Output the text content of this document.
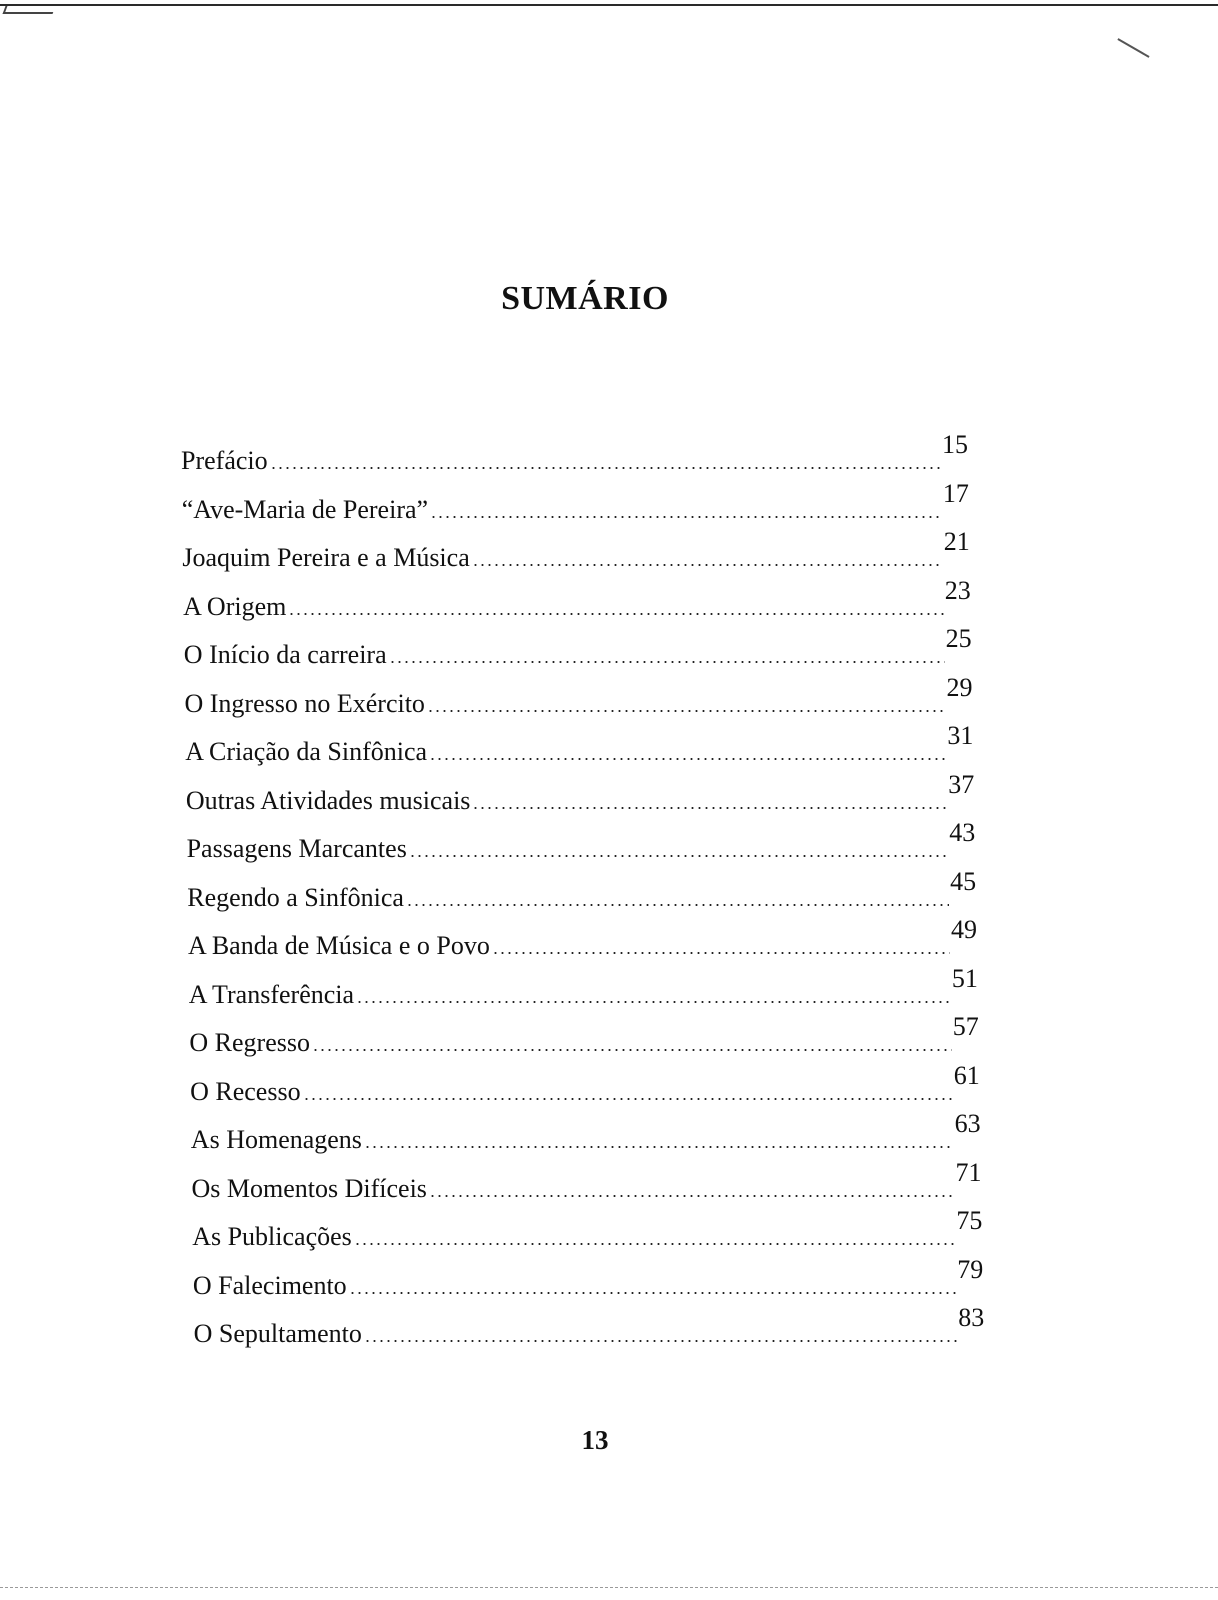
SUMÁRIO
Prefácio
15
“Ave-Maria de Pereira”
17
Joaquim Pereira e a Música
21
A Origem
23
O Início da carreira
25
O Ingresso no Exército
29
A Criação da Sinfônica
31
Outras Atividades musicais
37
Passagens Marcantes
43
Regendo a Sinfônica
45
A Banda de Música e o Povo
49
A Transferência
51
O Regresso
57
O Recesso
61
As Homenagens
63
Os Momentos Difíceis
71
As Publicações
75
O Falecimento
79
O Sepultamento
83

13
